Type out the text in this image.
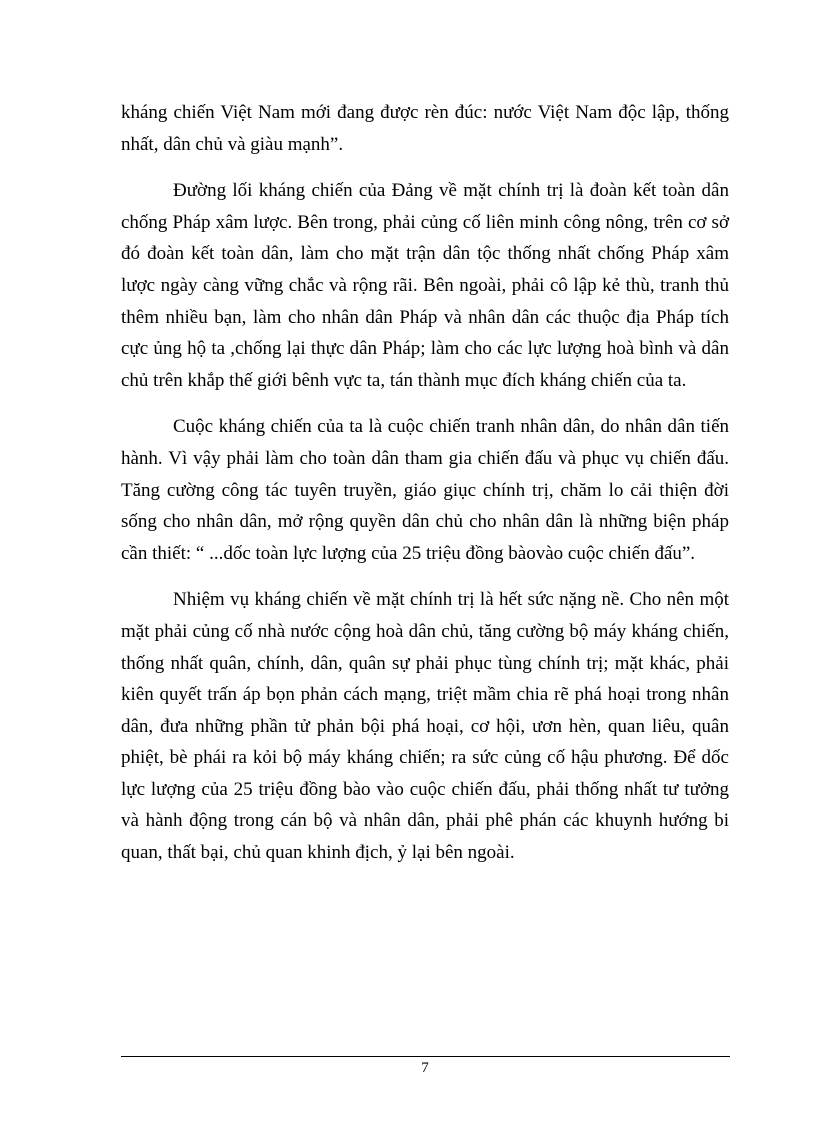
kháng chiến Việt Nam mới đang được rèn đúc: nước Việt Nam độc lập, thống nhất, dân chủ và giàu mạnh”.

Đường lối kháng chiến của Đảng về mặt chính trị là đoàn kết toàn dân chống Pháp xâm lược. Bên trong, phải củng cố liên minh công nông, trên cơ sở đó đoàn kết toàn dân, làm cho mặt trận dân tộc thống nhất chống Pháp xâm lược ngày càng vững chắc và rộng rãi. Bên ngoài, phải cô lập kẻ thù, tranh thủ thêm nhiều bạn, làm cho nhân dân Pháp và nhân dân các thuộc địa Pháp tích cực ủng hộ ta ,chống lại thực dân Pháp; làm cho các lực lượng hoà bình và dân chủ trên khắp thế giới bênh vực ta, tán thành mục đích kháng chiến của ta.

Cuộc kháng chiến của ta là cuộc chiến tranh nhân dân, do nhân dân tiến hành. Vì vậy phải làm cho toàn dân tham gia chiến đấu và phục vụ chiến đấu. Tăng cường công tác tuyên truyền, giáo giục chính trị, chăm lo cải thiện đời sống cho nhân dân, mở rộng quyền dân chủ cho nhân dân là những biện pháp cần thiết: “ ...dốc toàn lực lượng của 25 triệu đồng bàovào cuộc chiến đấu”.

Nhiệm vụ kháng chiến về mặt chính trị là hết sức nặng nề. Cho nên một mặt phải củng cố nhà nước cộng hoà dân chủ, tăng cường bộ máy kháng chiến, thống nhất quân, chính, dân, quân sự phải phục tùng chính trị; mặt khác, phải kiên quyết trấn áp bọn phản cách mạng, triệt mầm chia rẽ phá hoại trong nhân dân, đưa những phần tử phản bội phá hoại, cơ hội, ươn hèn, quan liêu, quân phiệt, bè phái ra kỏi bộ máy kháng chiến; ra sức củng cố hậu phương. Để dốc lực lượng của 25 triệu đồng bào vào cuộc chiến đấu, phải thống nhất tư tưởng và hành động trong cán bộ và nhân dân, phải phê phán các khuynh hướng bi quan, thất bại, chủ quan khinh địch, ỷ lại bên ngoài.

7
